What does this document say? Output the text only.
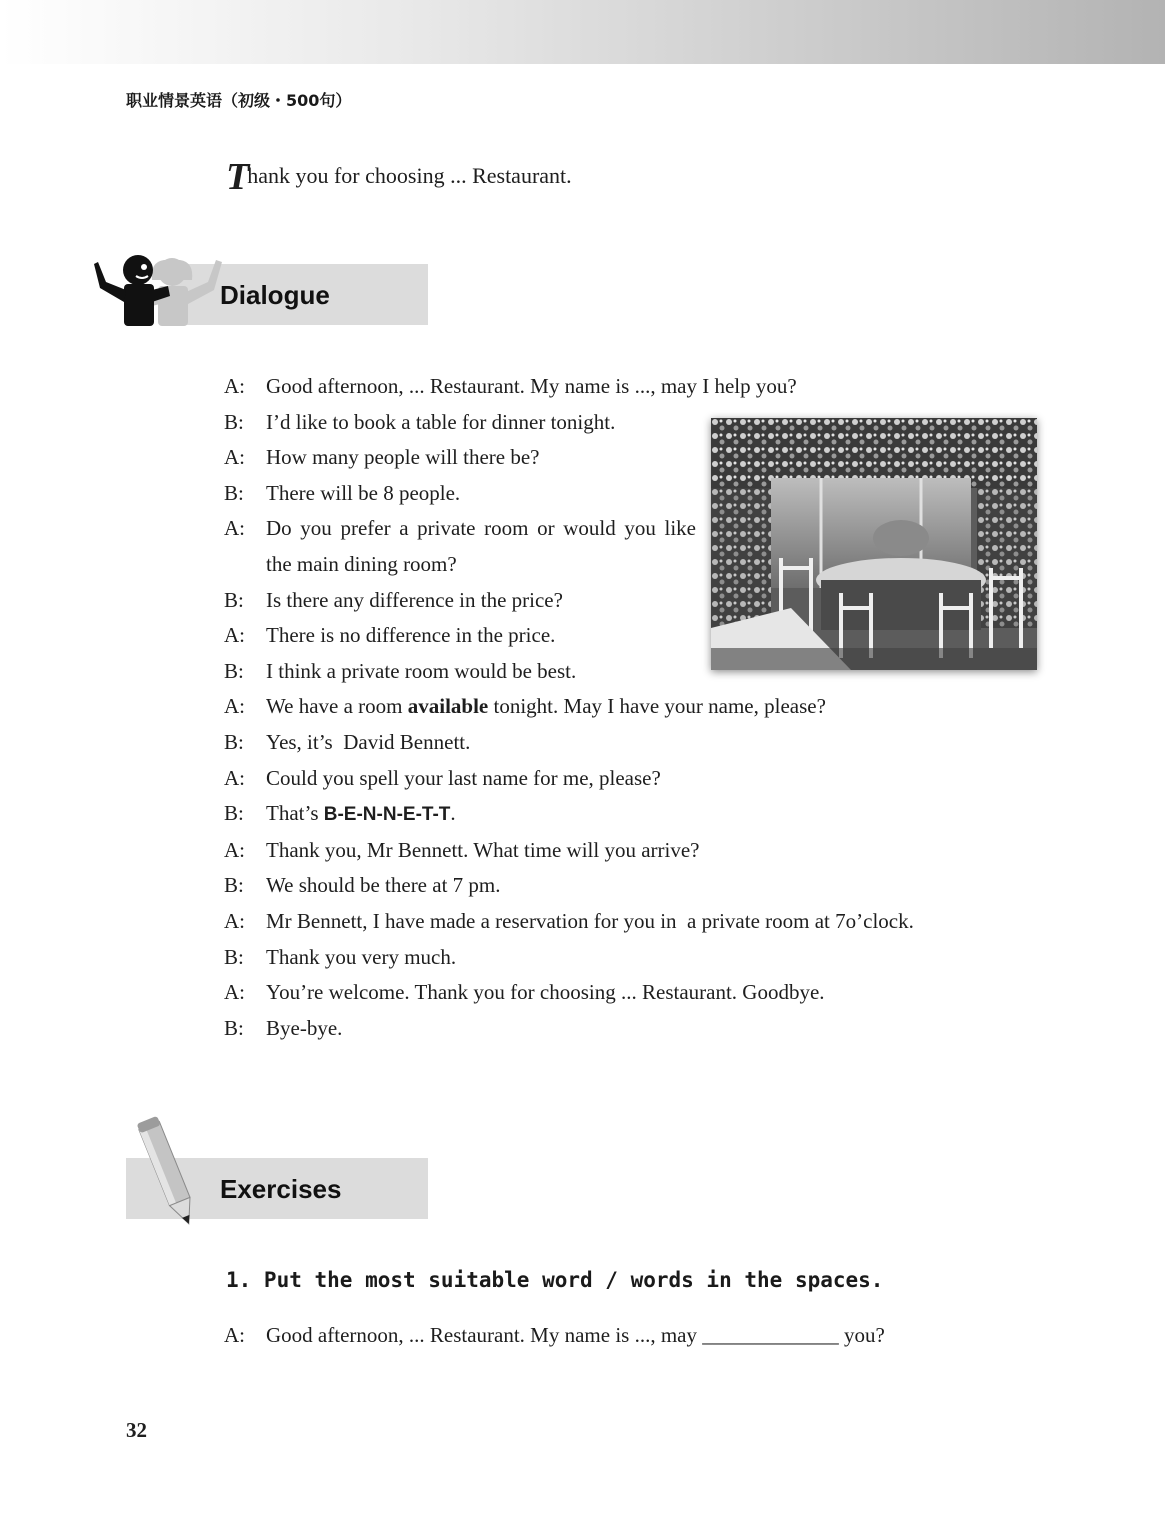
职业情景英语（初级・500句）
Thank you for choosing ... Restaurant.
Dialogue
A:	Good afternoon, ... Restaurant. My name is ..., may I help you?
B:	I’d like to book a table for dinner tonight.
A:	How many people will there be?
B:	There will be 8 people.
A:	Do you prefer a private room or would you like the main dining room?
B:	Is there any difference in the price?
A:	There is no difference in the price.
B:	I think a private room would be best.
A:	We have a room available tonight. May I have your name, please?
B:	Yes, it’s  David Bennett.
A:	Could you spell your last name for me, please?
B:	That’s B-E-N-N-E-T-T.
A:	Thank you, Mr Bennett. What time will you arrive?
B:	We should be there at 7 pm.
A:	Mr Bennett, I have made a reservation for you in  a private room at 7o’clock.
B:	Thank you very much.
A:	You’re welcome. Thank you for choosing ... Restaurant. Goodbye.
B:	Bye-bye.
Exercises
1. Put the most suitable word / words in the spaces.
A:	Good afternoon, ... Restaurant. My name is ..., may _____________ you?
32
